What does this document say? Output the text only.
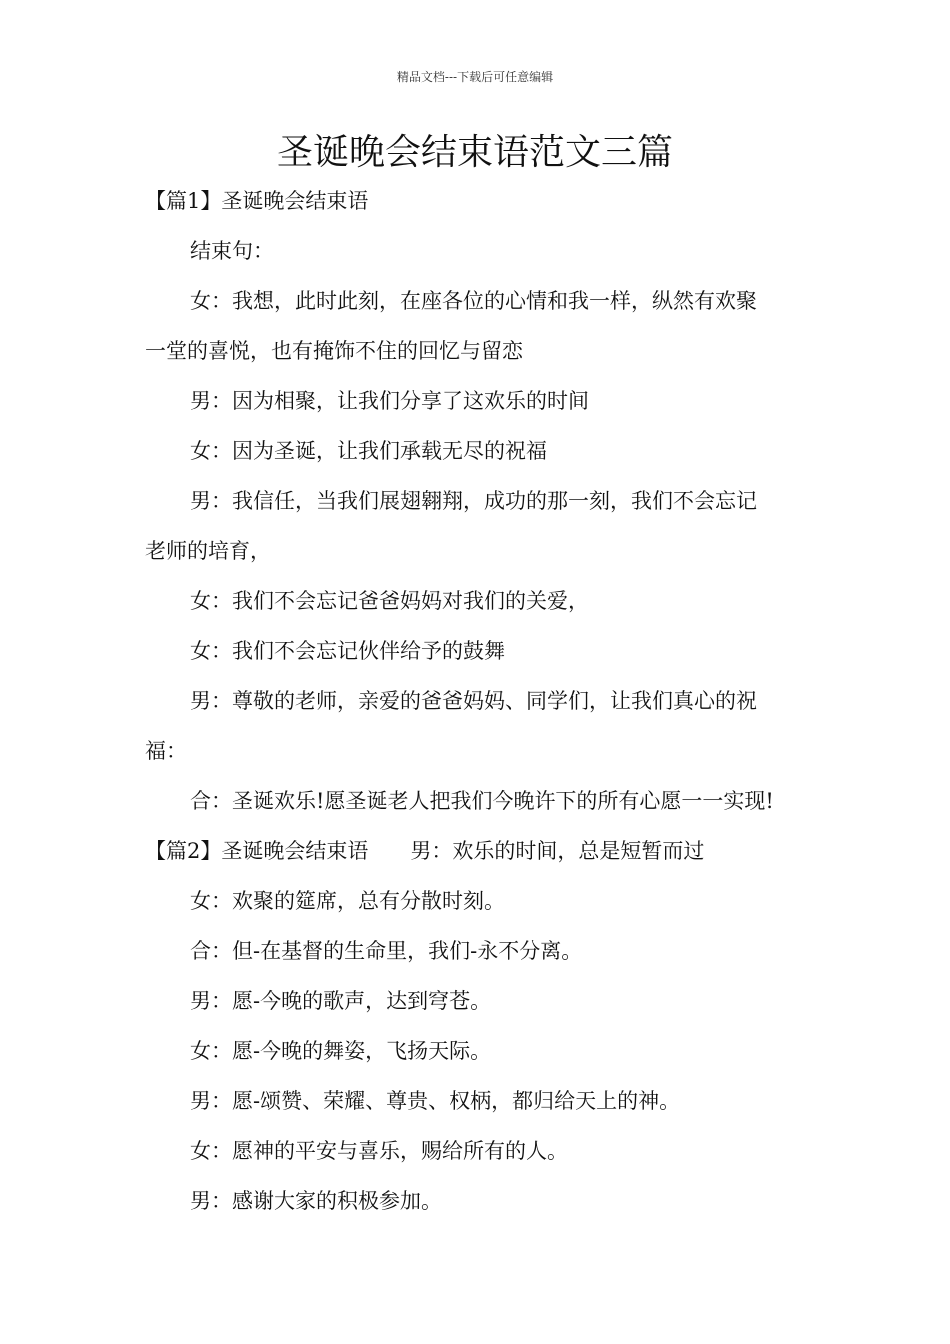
精品文档---下载后可任意编辑
圣诞晚会结束语范文三篇
【篇1】圣诞晚会结束语
结束句：
女：我想，此时此刻，在座各位的心情和我一样，纵然有欢聚
一堂的喜悦，也有掩饰不住的回忆与留恋
男：因为相聚，让我们分享了这欢乐的时间
女：因为圣诞，让我们承载无尽的祝福
男：我信任，当我们展翅翱翔，成功的那一刻，我们不会忘记
老师的培育，
女：我们不会忘记爸爸妈妈对我们的关爱，
女：我们不会忘记伙伴给予的鼓舞
男：尊敬的老师，亲爱的爸爸妈妈、同学们，让我们真心的祝
福：
合：圣诞欢乐!愿圣诞老人把我们今晚许下的所有心愿一一实现!
【篇2】圣诞晚会结束语　　男：欢乐的时间，总是短暂而过
女：欢聚的筵席，总有分散时刻。
合：但-在基督的生命里，我们-永不分离。
男：愿-今晚的歌声，达到穹苍。
女：愿-今晚的舞姿，飞扬天际。
男：愿-颂赞、荣耀、尊贵、权柄，都归给天上的神。
女：愿神的平安与喜乐，赐给所有的人。
男：感谢大家的积极参加。
